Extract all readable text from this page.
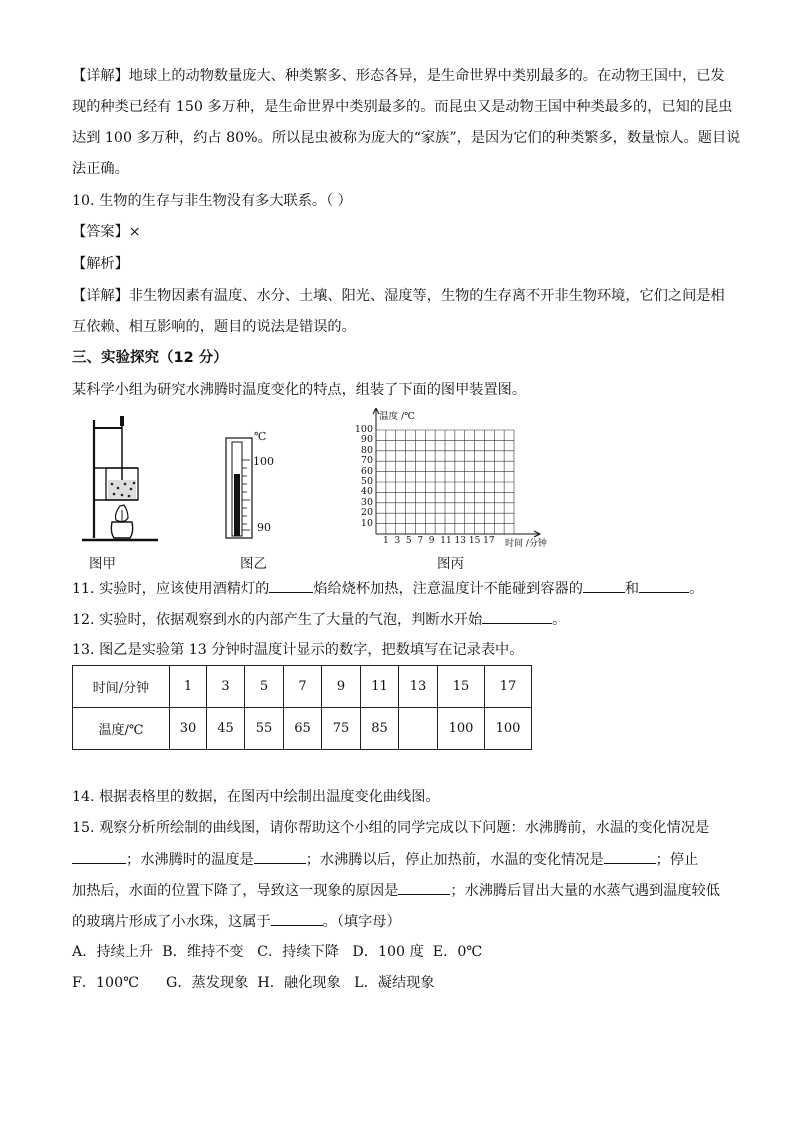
【详解】地球上的动物数量庞大、种类繁多、形态各异，是生命世界中类别最多的。在动物王国中，已发
现的种类已经有 150 多万种，是生命世界中类别最多的。而昆虫又是动物王国中种类最多的，已知的昆虫
达到 100 多万种，约占 80%。所以昆虫被称为庞大的“家族”，是因为它们的种类繁多，数量惊人。题目说
法正确。
10. 生物的生存与非生物没有多大联系。（ ）
【答案】×
【解析】
【详解】非生物因素有温度、水分、土壤、阳光、湿度等，生物的生存离不开非生物环境，它们之间是相
互依赖、相互影响的，题目的说法是错误的。
三、实验探究（12 分）
某科学小组为研究水沸腾时温度变化的特点，组装了下面的图甲装置图。
图甲
℃
100
90
图乙
温度 /℃
100
90
80
70
60
50
40
30
20
10
1  3  5  7  9  11 13 15 17 时间 /分钟
图丙
11. 实验时，应该使用酒精灯的	焰给烧杯加热，注意温度计不能碰到容器的	和	。
12. 实验时，依据观察到水的内部产生了大量的气泡，判断水开始	。
13. 图乙是实验第 13 分钟时温度计显示的数字，把数填写在记录表中。
时间/分钟	1	3	5	7	9	11	13	15	17
温度/℃	30	45	55	65	75	85		100	100
14. 根据表格里的数据，在图丙中绘制出温度变化曲线图。
15. 观察分析所绘制的曲线图，请你帮助这个小组的同学完成以下问题：水沸腾前，水温的变化情况是
；水沸腾时的温度是	；水沸腾以后，停止加热前，水温的变化情况是	；停止
加热后，水面的位置下降了，导致这一现象的原因是	；水沸腾后冒出大量的水蒸气遇到温度较低
的玻璃片形成了小水珠，这属于	。（填字母）
A．持续上升  B．维持不变   C．持续下降   D．100 度  E．0℃
F．100℃      G．蒸发现象  H．融化现象   L．凝结现象
